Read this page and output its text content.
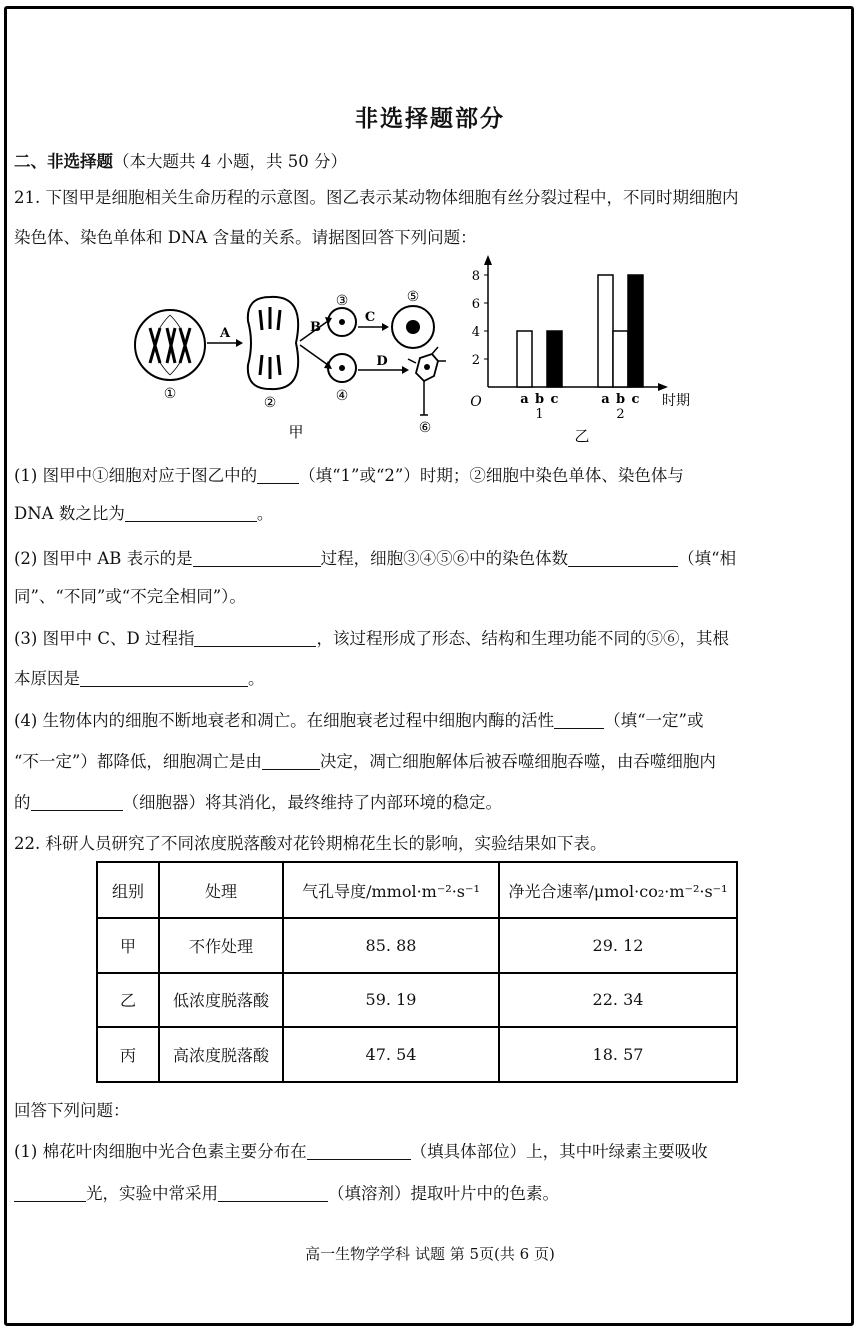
非选择题部分
二、非选择题（本大题共 4 小题，共 50 分）
21. 下图甲是细胞相关生命历程的示意图。图乙表示某动物体细胞有丝分裂过程中，不同时期细胞内
染色体、染色单体和 DNA 含量的关系。请据图回答下列问题：
①
A
②
B
③
④
C
⑤
D
⑥
甲
O
2
4
6
8
a b c
1
a b c
2
时期
乙
(1) 图甲中①细胞对应于图乙中的	（填“1”或“2”）时期；②细胞中染色单体、染色体与
DNA 数之比为	。
(2) 图甲中 AB 表示的是	过程，细胞③④⑤⑥中的染色体数	（填“相
同”、“不同”或“不完全相同”）。
(3) 图甲中 C、D 过程指	，该过程形成了形态、结构和生理功能不同的⑤⑥，其根
本原因是	。
(4) 生物体内的细胞不断地衰老和凋亡。在细胞衰老过程中细胞内酶的活性	（填“一定”或
“不一定”）都降低，细胞凋亡是由	决定，凋亡细胞解体后被吞噬细胞吞噬，由吞噬细胞内
的	（细胞器）将其消化，最终维持了内部环境的稳定。
22. 科研人员研究了不同浓度脱落酸对花铃期棉花生长的影响，实验结果如下表。
组别	处理	气孔导度/mmol·m⁻²·s⁻¹	净光合速率/μmol·co₂·m⁻²·s⁻¹
甲	不作处理	85. 88	29. 12
乙	低浓度脱落酸	59. 19	22. 34
丙	高浓度脱落酸	47. 54	18. 57
回答下列问题：
(1) 棉花叶肉细胞中光合色素主要分布在	（填具体部位）上，其中叶绿素主要吸收
光，实验中常采用	（填溶剂）提取叶片中的色素。
高一生物学学科 试题 第 5页(共 6 页)
